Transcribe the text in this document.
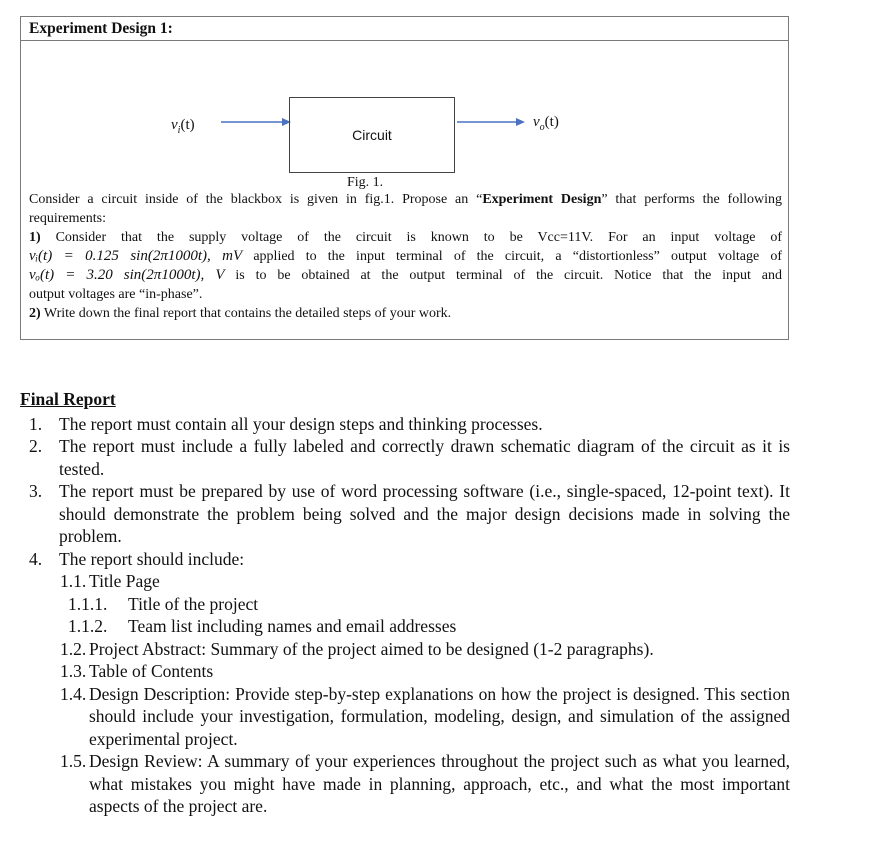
Experiment Design 1:
$v_i(t)$
Circuit
$v_o(t)$
Fig. 1.

Consider a circuit inside of the blackbox is given in fig.1. Propose an “Experiment Design” that performs the following requirements:

1) Consider that the supply voltage of the circuit is known to be Vcc=11V. For an input voltage of

vᵢ(t) = 0.125 sin(2π1000t), mV applied to the input terminal of the circuit, a “distortionless” output voltage of

vₒ(t) = 3.20 sin(2π1000t), V is to be obtained at the output terminal of the circuit. Notice that the input and

output voltages are “in-phase”.

2) Write down the final report that contains the detailed steps of your work.

Final Report
1. The report must contain all your design steps and thinking processes.
2. The report must include a fully labeled and correctly drawn schematic diagram of the circuit as it is tested.
3. The report must be prepared by use of word processing software (i.e., single-spaced, 12-point text). It should demonstrate the problem being solved and the major design decisions made in solving the problem.
4. The report should include:
1.1. Title Page
1.1.1. Title of the project
1.1.2. Team list including names and email addresses
1.2. Project Abstract: Summary of the project aimed to be designed (1-2 paragraphs).
1.3. Table of Contents
1.4. Design Description: Provide step-by-step explanations on how the project is designed. This section should include your investigation, formulation, modeling, design, and simulation of the assigned experimental project.
1.5. Design Review: A summary of your experiences throughout the project such as what you learned, what mistakes you might have made in planning, approach, etc., and what the most important aspects of the project are.
